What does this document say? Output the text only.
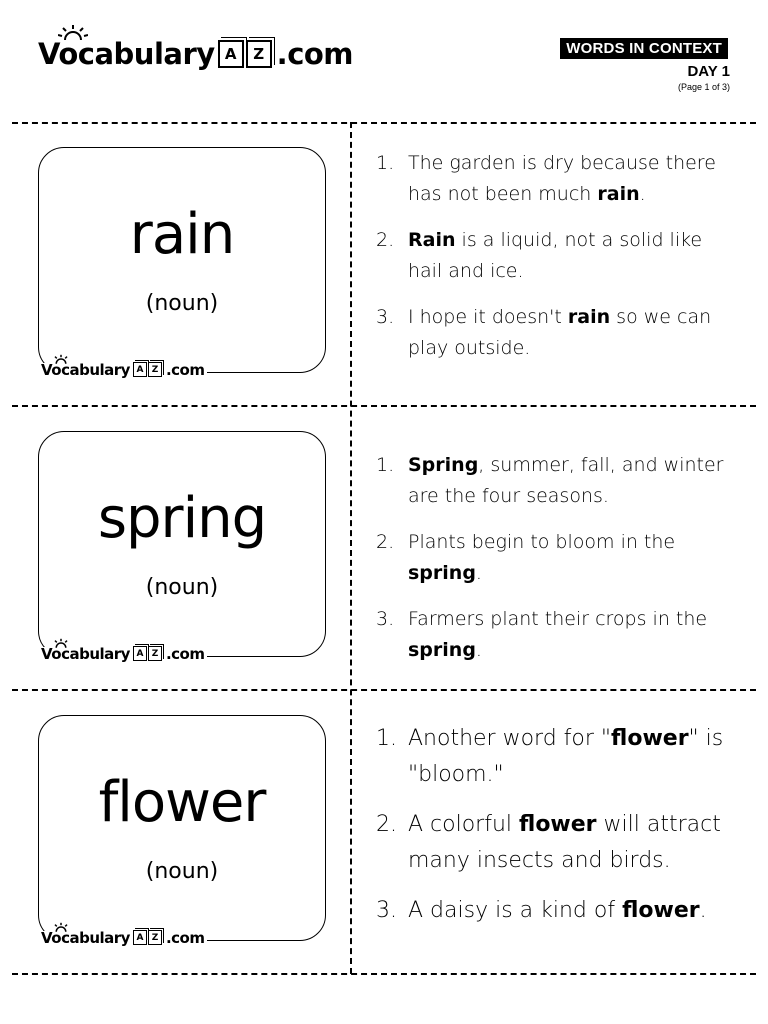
Vocabulary A	Z .com	WORDS IN CONTEXT
DAY 1
(Page 1 of 3)
rain
(noun)
Vocabulary A Z .com
1. The garden is dry because there has not been much rain.
2. Rain is a liquid, not a solid like hail and ice.
3. I hope it doesn't rain so we can play outside.
spring
(noun)
Vocabulary A Z .com
1. Spring, summer, fall, and winter are the four seasons.
2. Plants begin to bloom in the spring.
3. Farmers plant their crops in the spring.
flower
(noun)
Vocabulary A Z .com
1. Another word for "flower" is "bloom."
2. A colorful flower will attract many insects and birds.
3. A daisy is a kind of flower.
